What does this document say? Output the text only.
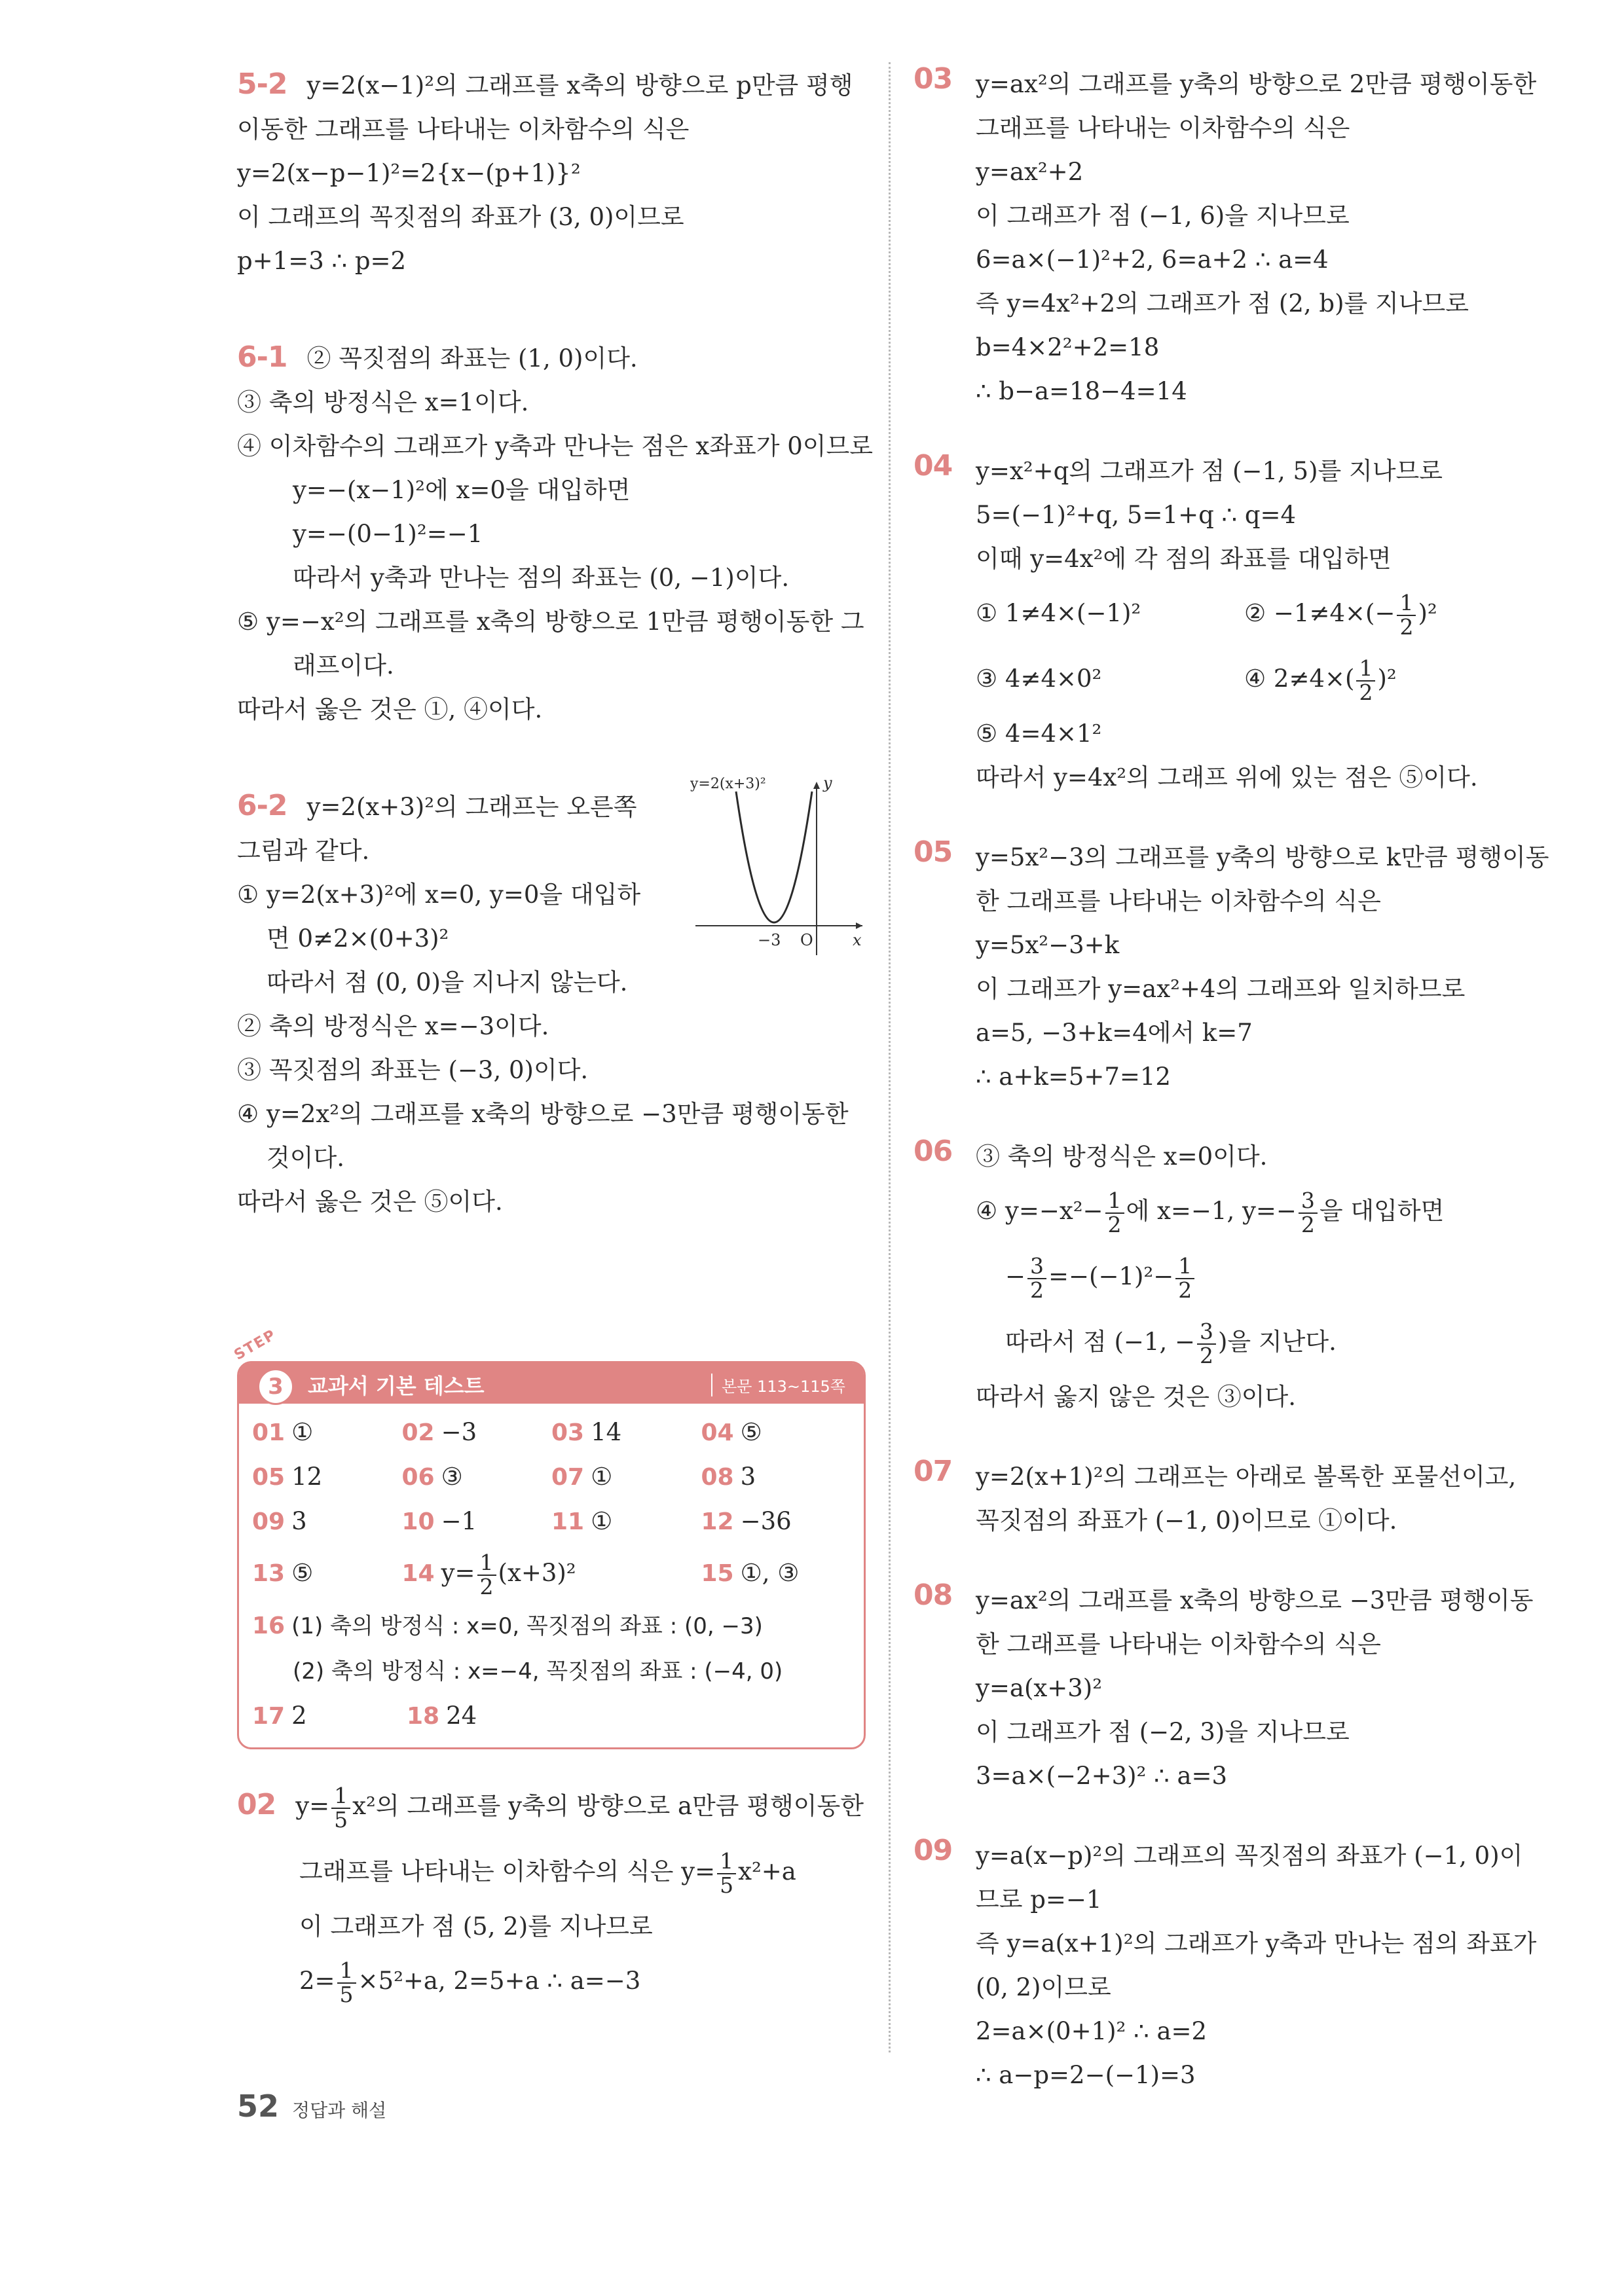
5-2 y=2(x−1)²의 그래프를 x축의 방향으로 p만큼 평행
이동한 그래프를 나타내는 이차함수의 식은
y=2(x−p−1)²=2{x−(p+1)}²
이 그래프의 꼭짓점의 좌표가 (3, 0)이므로
p+1=3 ∴ p=2
6-1 ② 꼭짓점의 좌표는 (1, 0)이다.
③ 축의 방정식은 x=1이다.
④ 이차함수의 그래프가 y축과 만나는 점은 x좌표가 0이므로
y=−(x−1)²에 x=0을 대입하면
y=−(0−1)²=−1
따라서 y축과 만나는 점의 좌표는 (0, −1)이다.
⑤ y=−x²의 그래프를 x축의 방향으로 1만큼 평행이동한 그
래프이다.
따라서 옳은 것은 ①, ④이다.
y=2(x+3)²	y
x
O
−3
6-2 y=2(x+3)²의 그래프는 오른쪽
그림과 같다.
① y=2(x+3)²에 x=0, y=0을 대입하
면 0≠2×(0+3)²
따라서 점 (0, 0)을 지나지 않는다.
② 축의 방정식은 x=−3이다.
③ 꼭짓점의 좌표는 (−3, 0)이다.
④ y=2x²의 그래프를 x축의 방향으로 −3만큼 평행이동한
것이다.
따라서 옳은 것은 ⑤이다.
STEP
3	교과서 기본 테스트	본문 113~115쪽
01 ①	02 −3	03 14	04 ⑤
05 12	06 ③	07 ①	08 3
09 3	10 −1	11 ①	12 −36
13 ⑤	14 $y= \frac{1}{2} (x+3)^2$	15 ①, ③
16 (1) 축의 방정식 : x=0, 꼭짓점의 좌표 : (0, −3)
(2) 축의 방정식 : x=−4, 꼭짓점의 좌표 : (−4, 0)
17 2	18 24
02 $y= \frac{1}{5} x^2$의 그래프를 y축의 방향으로 a만큼 평행이동한
그래프를 나타내는 이차함수의 식은 $y= \frac{1}{5} x^2+a$
이 그래프가 점 (5, 2)를 지나므로
$2= \frac{1}{5} \times 5^2+a$, 2=5+a ∴ a=−3
03 y=ax²의 그래프를 y축의 방향으로 2만큼 평행이동한
그래프를 나타내는 이차함수의 식은
y=ax²+2
이 그래프가 점 (−1, 6)을 지나므로
6=a×(−1)²+2, 6=a+2 ∴ a=4
즉 y=4x²+2의 그래프가 점 (2, b)를 지나므로
b=4×2²+2=18
∴ b−a=18−4=14
04 y=x²+q의 그래프가 점 (−1, 5)를 지나므로
5=(−1)²+q, 5=1+q ∴ q=4
이때 y=4x²에 각 점의 좌표를 대입하면
① 1≠4×(−1)²	② $-1\ne 4\times(- \frac{1}{2} )^2$
③ 4≠4×0²	④ $2\ne 4\times( \frac{1}{2} )^2$
⑤ 4=4×1²
따라서 y=4x²의 그래프 위에 있는 점은 ⑤이다.
05 y=5x²−3의 그래프를 y축의 방향으로 k만큼 평행이동
한 그래프를 나타내는 이차함수의 식은
y=5x²−3+k
이 그래프가 y=ax²+4의 그래프와 일치하므로
a=5, −3+k=4에서 k=7
∴ a+k=5+7=12
06 ③ 축의 방정식은 x=0이다.
④ $y=-x^2- \frac{1}{2}$ 에 x=−1, $y=- \frac{3}{2}$ 을 대입하면
− $\frac{3}{2} =-(-1)^2- \frac{1}{2}$
따라서 점 (−1, − $\frac{3}{2}$ )을 지난다.
따라서 옳지 않은 것은 ③이다.
07 y=2(x+1)²의 그래프는 아래로 볼록한 포물선이고,
꼭짓점의 좌표가 (−1, 0)이므로 ①이다.
08 y=ax²의 그래프를 x축의 방향으로 −3만큼 평행이동
한 그래프를 나타내는 이차함수의 식은
y=a(x+3)²
이 그래프가 점 (−2, 3)을 지나므로
3=a×(−2+3)² ∴ a=3
09 y=a(x−p)²의 그래프의 꼭짓점의 좌표가 (−1, 0)이
므로 p=−1
즉 y=a(x+1)²의 그래프가 y축과 만나는 점의 좌표가
(0, 2)이므로
2=a×(0+1)² ∴ a=2
∴ a−p=2−(−1)=3
52 정답과 해설
